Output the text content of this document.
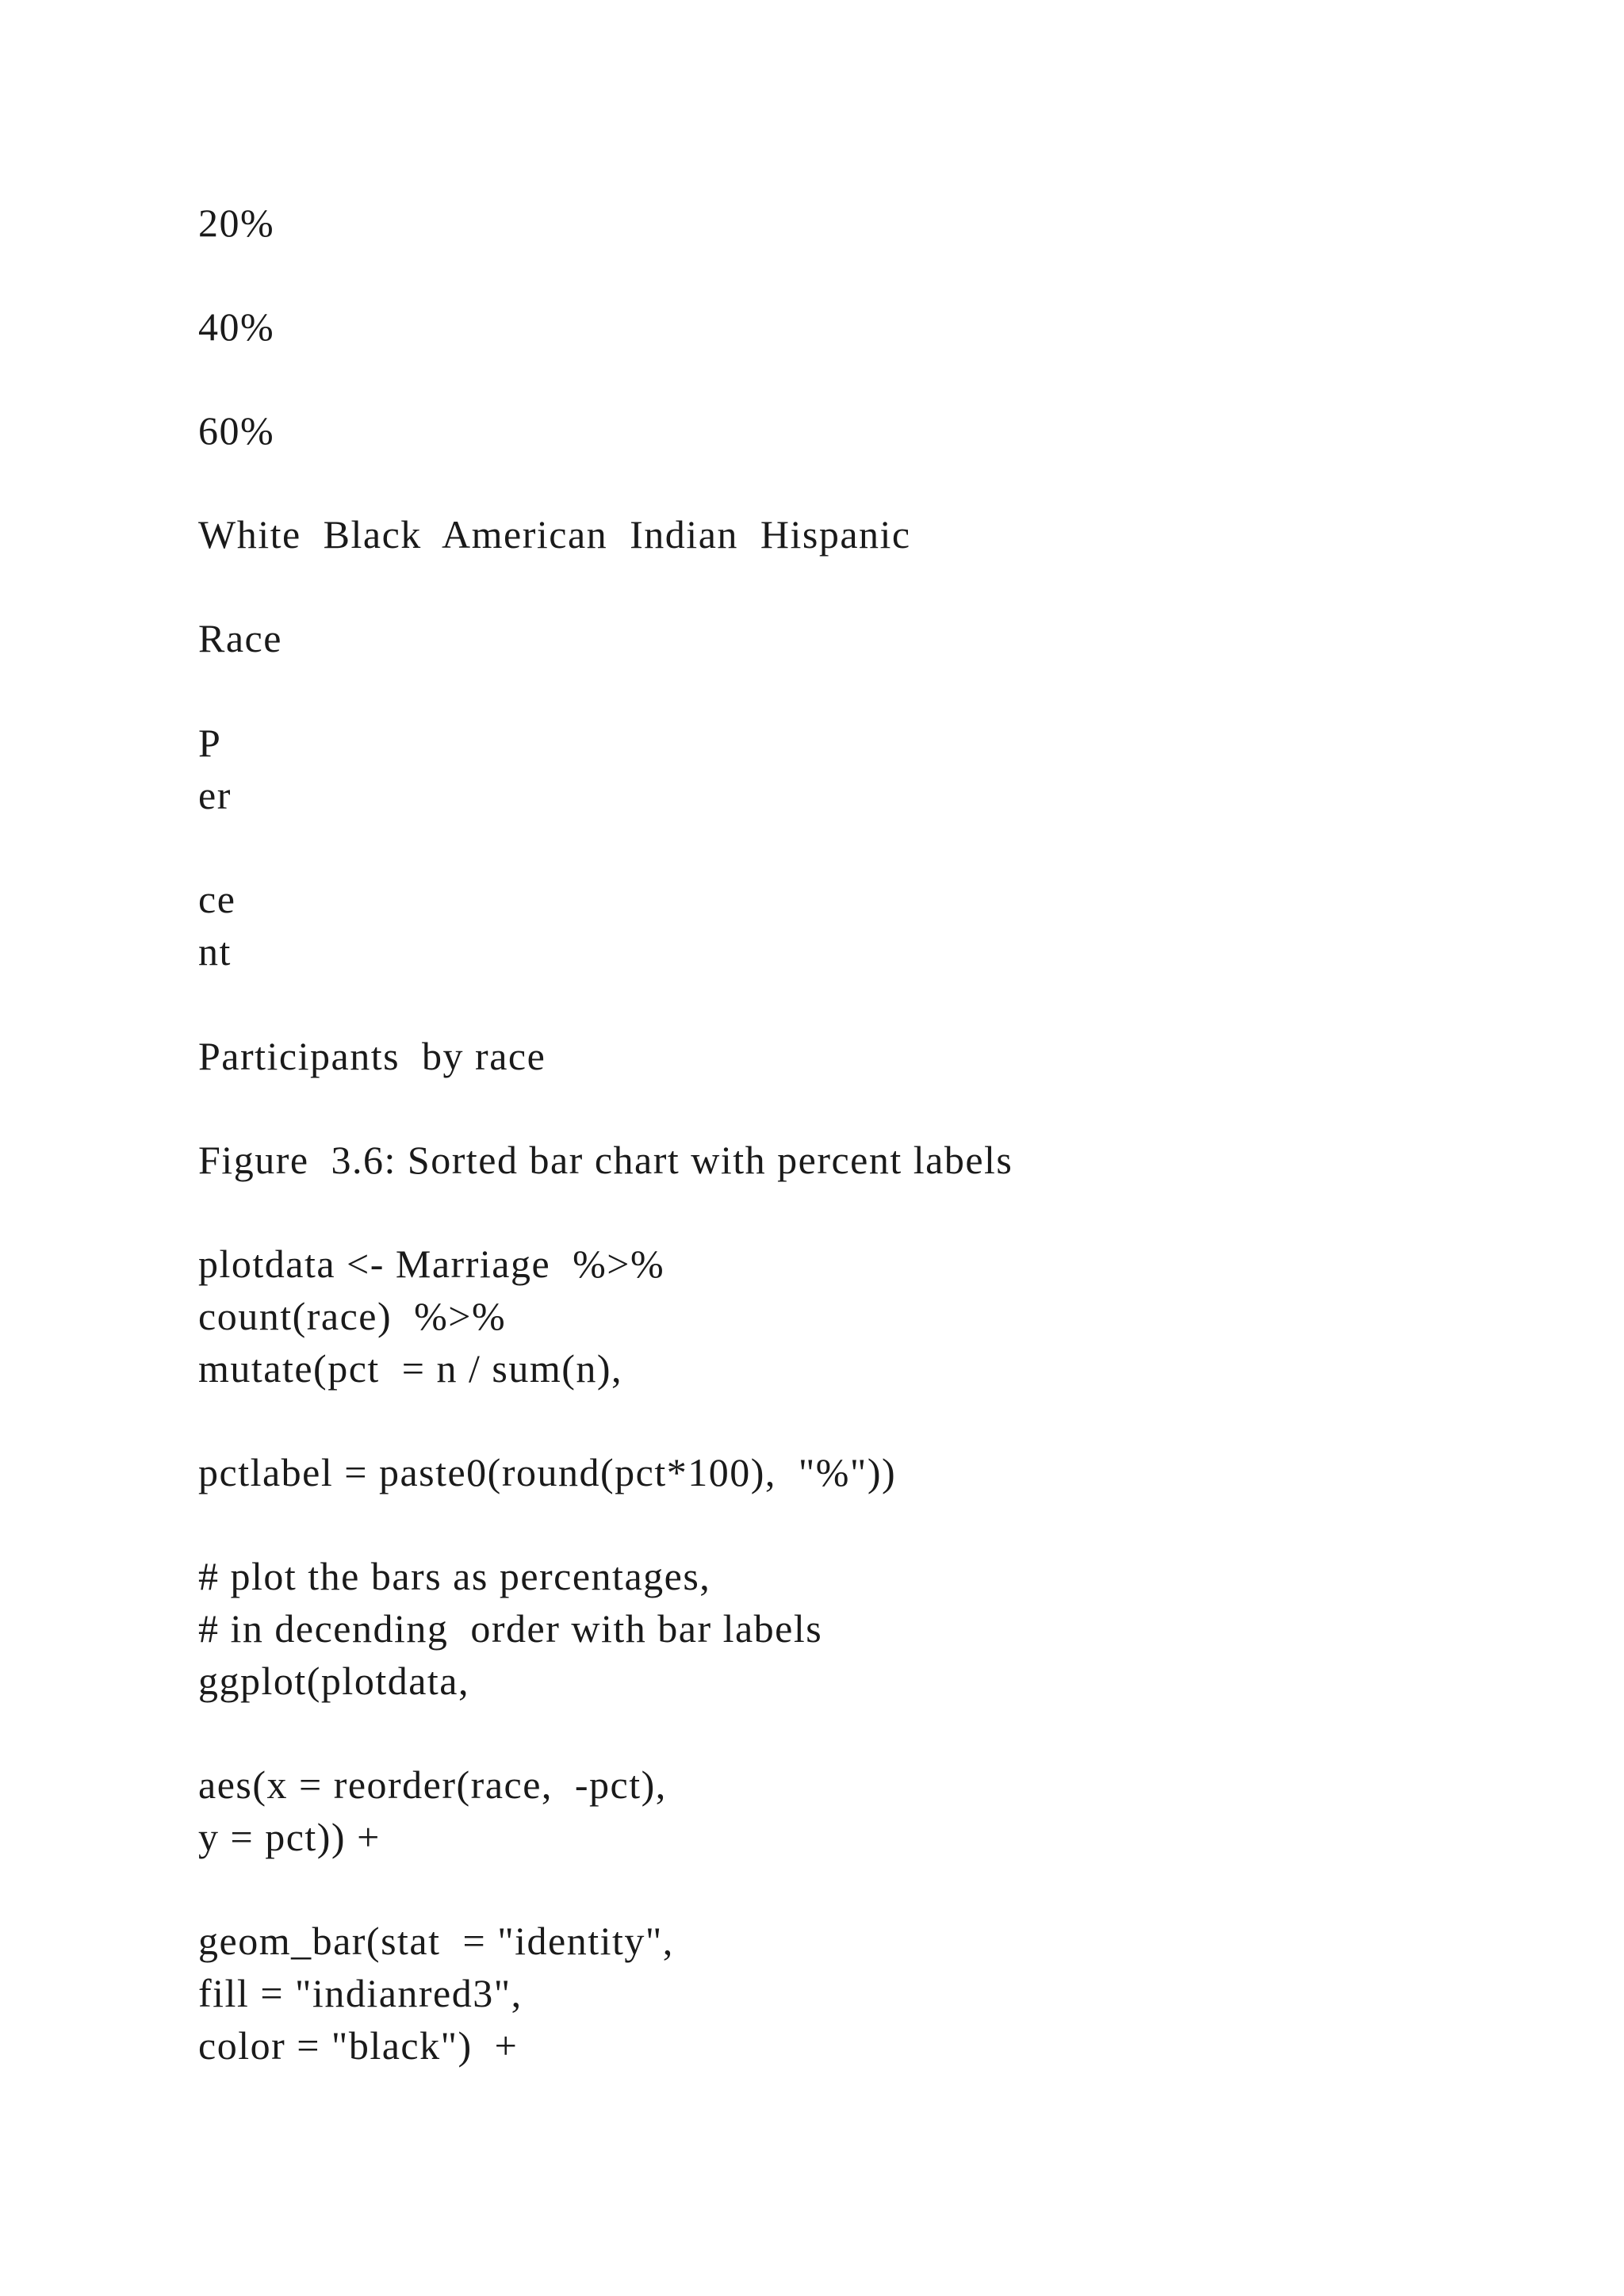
20%

40%

60%

White  Black  American  Indian  Hispanic

Race

P

er

ce

nt

Participants  by race

Figure  3.6: Sorted bar chart with percent labels

plotdata <- Marriage  %>%

count(race)  %>%

mutate(pct  = n / sum(n),

pctlabel = paste0(round(pct*100),  "%"))

# plot the bars as percentages,

# in decending  order with bar labels

ggplot(plotdata,

aes(x = reorder(race,  -pct),

y = pct)) +

geom_bar(stat  = "identity",

fill = "indianred3",

color = "black")  +
